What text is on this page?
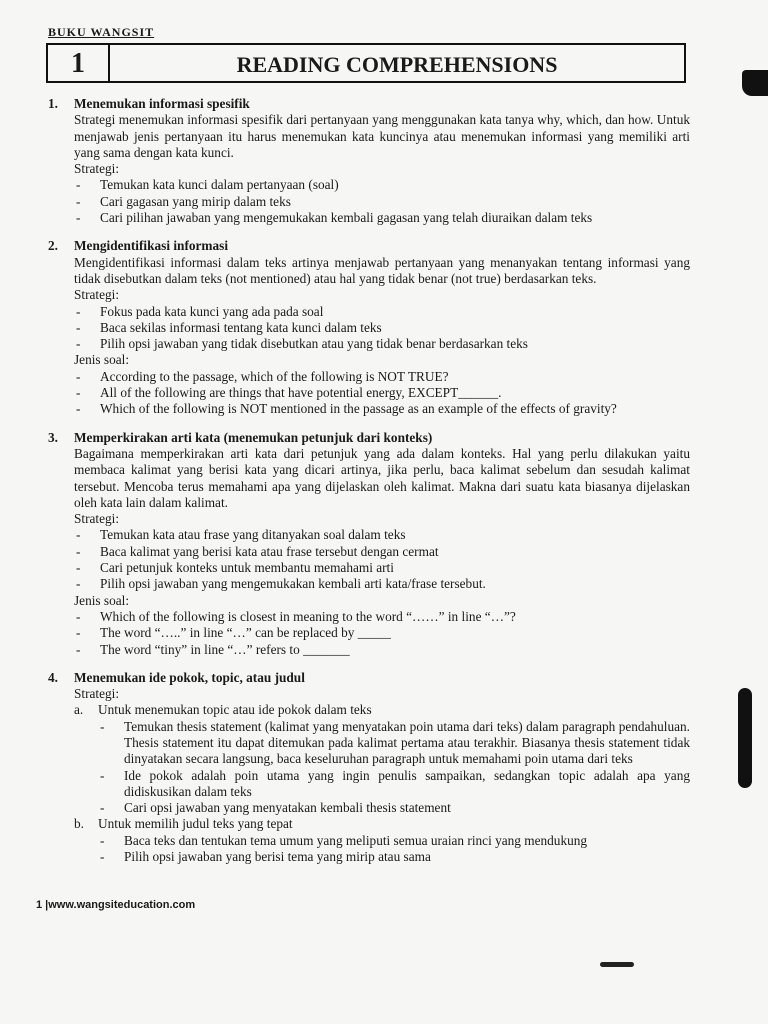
BUKU WANGSIT
1	READING COMPREHENSIONS
1. Menemukan informasi spesifik
Strategi menemukan informasi spesifik dari pertanyaan yang menggunakan kata tanya why, which, dan how. Untuk menjawab jenis pertanyaan itu harus menemukan kata kuncinya atau menemukan informasi yang memiliki arti yang sama dengan kata kunci.
Strategi:
- Temukan kata kunci dalam pertanyaan (soal)
- Cari gagasan yang mirip dalam teks
- Cari pilihan jawaban yang mengemukakan kembali gagasan yang telah diuraikan dalam teks
2. Mengidentifikasi informasi
Mengidentifikasi informasi dalam teks artinya menjawab pertanyaan yang menanyakan tentang informasi yang tidak disebutkan dalam teks (not mentioned) atau hal yang tidak benar (not true) berdasarkan teks.
Strategi:
- Fokus pada kata kunci yang ada pada soal
- Baca sekilas informasi tentang kata kunci dalam teks
- Pilih opsi jawaban yang tidak disebutkan atau yang tidak benar berdasarkan teks
Jenis soal:
- According to the passage, which of the following is NOT TRUE?
- All of the following are things that have potential energy, EXCEPT______.
- Which of the following is NOT mentioned in the passage as an example of the effects of gravity?
3. Memperkirakan arti kata (menemukan petunjuk dari konteks)
Bagaimana memperkirakan arti kata dari petunjuk yang ada dalam konteks. Hal yang perlu dilakukan yaitu membaca kalimat yang berisi kata yang dicari artinya, jika perlu, baca kalimat sebelum dan sesudah kalimat tersebut. Mencoba terus memahami apa yang dijelaskan oleh kalimat. Makna dari suatu kata biasanya dijelaskan oleh kata lain dalam kalimat.
Strategi:
- Temukan kata atau frase yang ditanyakan soal dalam teks
- Baca kalimat yang berisi kata atau frase tersebut dengan cermat
- Cari petunjuk konteks untuk membantu memahami arti
- Pilih opsi jawaban yang mengemukakan kembali arti kata/frase tersebut.
Jenis soal:
- Which of the following is closest in meaning to the word “……” in line “…”?
- The word “…..” in line “…” can be replaced by _____
- The word “tiny” in line “…” refers to _______
4. Menemukan ide pokok, topic, atau judul
Strategi:
a. Untuk menemukan topic atau ide pokok dalam teks
- Temukan thesis statement (kalimat yang menyatakan poin utama dari teks) dalam paragraph pendahuluan. Thesis statement itu dapat ditemukan pada kalimat pertama atau terakhir. Biasanya thesis statement tidak dinyatakan secara langsung, baca keseluruhan paragraph untuk memahami poin utama dari teks
- Ide pokok adalah poin utama yang ingin penulis sampaikan, sedangkan topic adalah apa yang didiskusikan dalam teks
- Cari opsi jawaban yang menyatakan kembali thesis statement
b. Untuk memilih judul teks yang tepat
- Baca teks dan tentukan tema umum yang meliputi semua uraian rinci yang mendukung
- Pilih opsi jawaban yang berisi tema yang mirip atau sama
1 |www.wangsiteducation.com
